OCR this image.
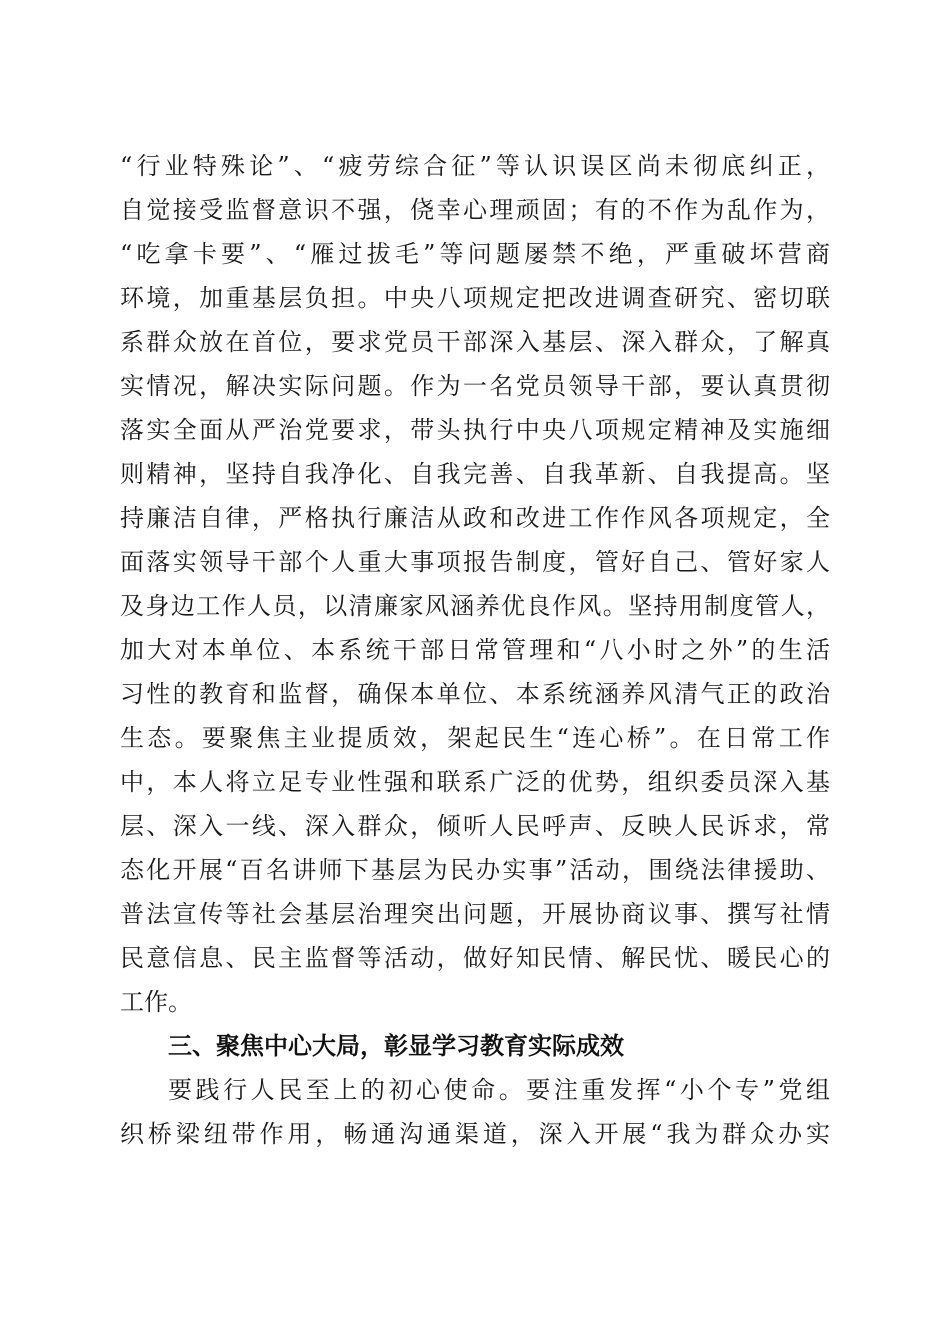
“行业特殊论”、“疲劳综合征”等认识误区尚未彻底纠正，
自觉接受监督意识不强，侥幸心理顽固；有的不作为乱作为，
“吃拿卡要”、“雁过拔毛”等问题屡禁不绝，严重破坏营商
环境，加重基层负担。中央八项规定把改进调查研究、密切联
系群众放在首位，要求党员干部深入基层、深入群众，了解真
实情况，解决实际问题。作为一名党员领导干部，要认真贯彻
落实全面从严治党要求，带头执行中央八项规定精神及实施细
则精神，坚持自我净化、自我完善、自我革新、自我提高。坚
持廉洁自律，严格执行廉洁从政和改进工作作风各项规定，全
面落实领导干部个人重大事项报告制度，管好自己、管好家人
及身边工作人员，以清廉家风涵养优良作风。坚持用制度管人，
加大对本单位、本系统干部日常管理和“八小时之外”的生活
习性的教育和监督，确保本单位、本系统涵养风清气正的政治
生态。要聚焦主业提质效，架起民生“连心桥”。在日常工作
中，本人将立足专业性强和联系广泛的优势，组织委员深入基
层、深入一线、深入群众，倾听人民呼声、反映人民诉求，常
态化开展“百名讲师下基层为民办实事”活动，围绕法律援助、
普法宣传等社会基层治理突出问题，开展协商议事、撰写社情
民意信息、民主监督等活动，做好知民情、解民忧、暖民心的
工作。
三、聚焦中心大局，彰显学习教育实际成效
要践行人民至上的初心使命。要注重发挥“小个专”党组
织桥梁纽带作用，畅通沟通渠道，深入开展“我为群众办实
